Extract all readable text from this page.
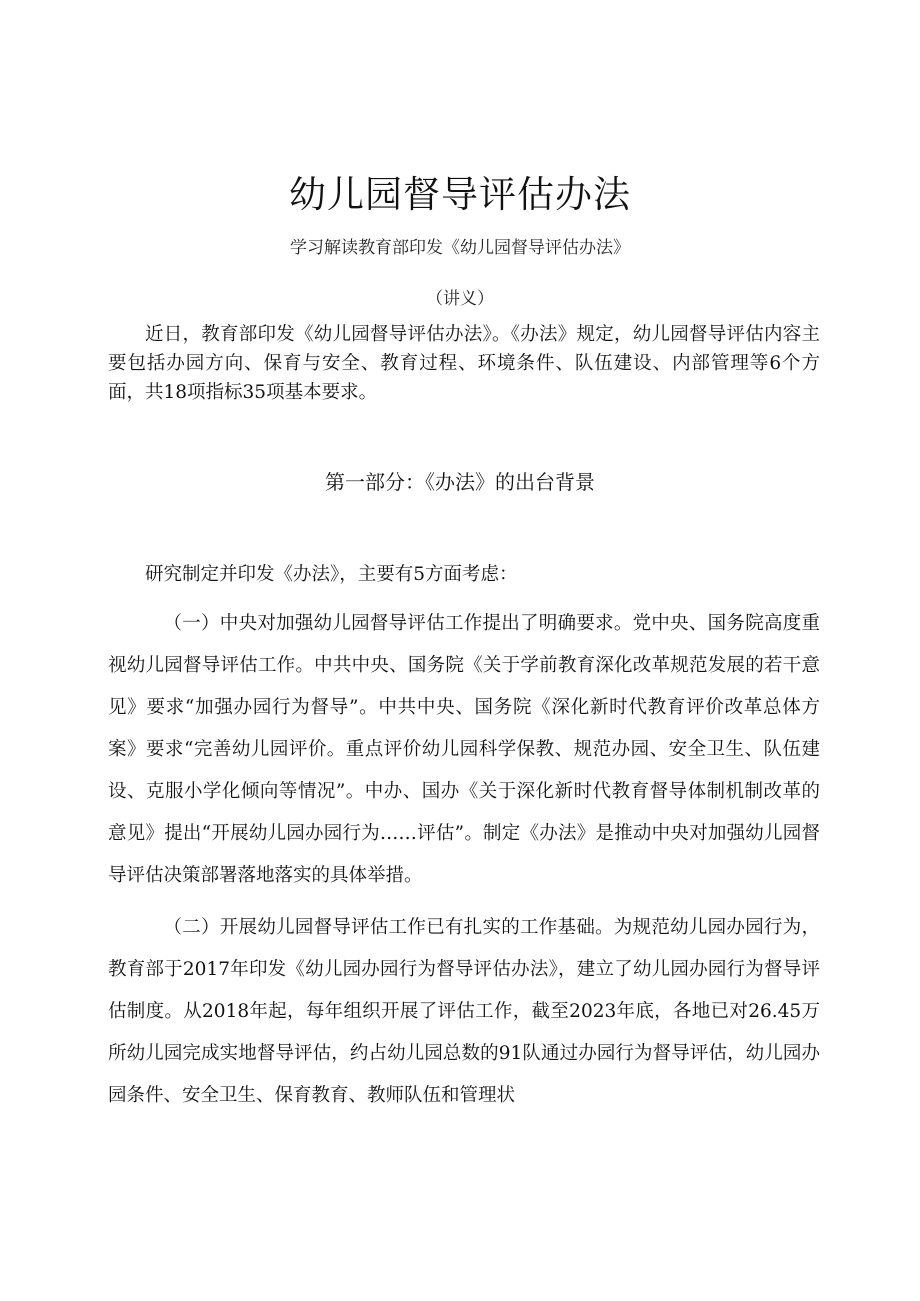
幼儿园督导评估办法
学习解读教育部印发《幼儿园督导评估办法》
（讲义）

近日，教育部印发《幼儿园督导评估办法》。《办法》规定，幼儿园督导评估内容主要包括办园方向、保育与安全、教育过程、环境条件、队伍建设、内部管理等6个方面，共18项指标35项基本要求。

第一部分：《办法》的出台背景

研究制定并印发《办法》，主要有5方面考虑：

（一）中央对加强幼儿园督导评估工作提出了明确要求。党中央、国务院高度重视幼儿园督导评估工作。中共中央、国务院《关于学前教育深化改革规范发展的若干意见》要求“加强办园行为督导”。中共中央、国务院《深化新时代教育评价改革总体方案》要求“完善幼儿园评价。重点评价幼儿园科学保教、规范办园、安全卫生、队伍建设、克服小学化倾向等情况”。中办、国办《关于深化新时代教育督导体制机制改革的意见》提出“开展幼儿园办园行为……评估”。制定《办法》是推动中央对加强幼儿园督导评估决策部署落地落实的具体举措。

（二）开展幼儿园督导评估工作已有扎实的工作基础。为规范幼儿园办园行为，教育部于2017年印发《幼儿园办园行为督导评估办法》，建立了幼儿园办园行为督导评估制度。从2018年起，每年组织开展了评估工作，截至2023年底，各地已对26.45万所幼儿园完成实地督导评估，约占幼儿园总数的91队通过办园行为督导评估，幼儿园办园条件、安全卫生、保育教育、教师队伍和管理状
